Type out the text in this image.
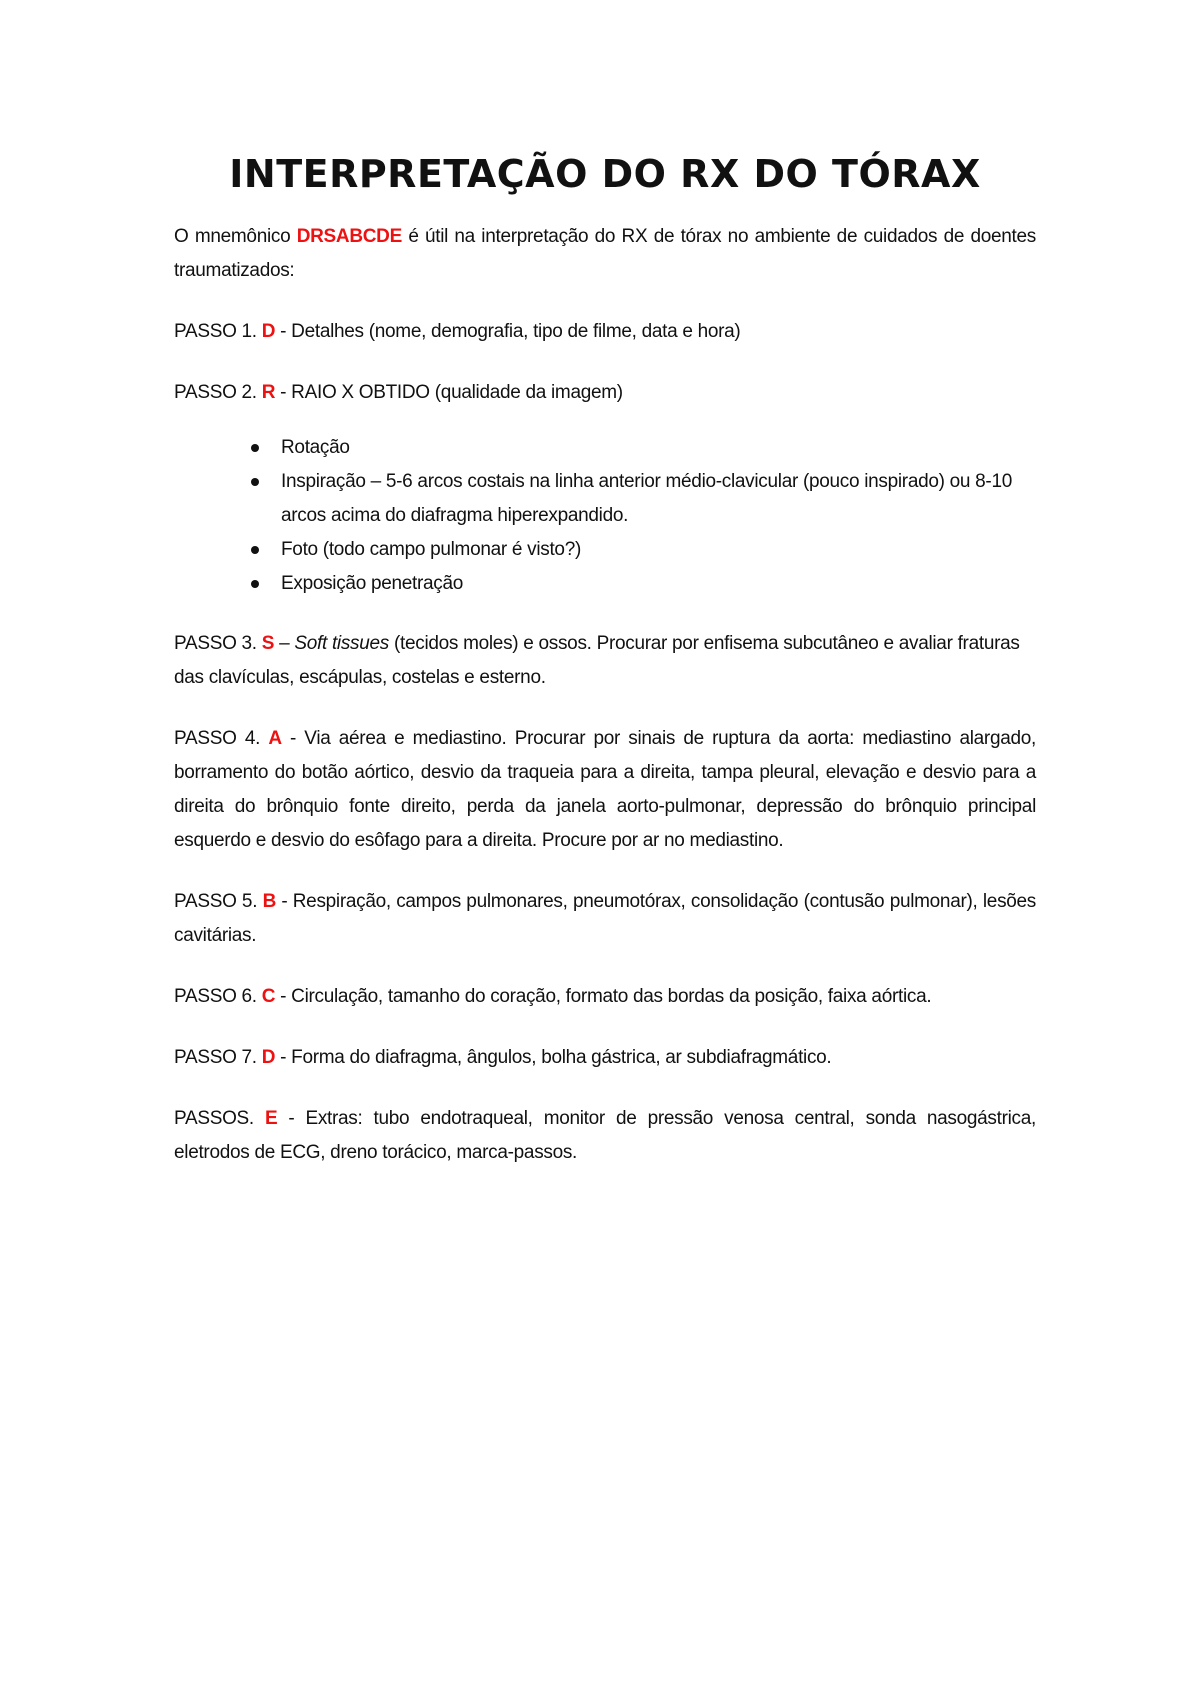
INTERPRETAÇÃO DO RX DO TÓRAX

O mnemônico DRSABCDE é útil na interpretação do RX de tórax no ambiente de cuidados de doentes traumatizados:

PASSO 1. D - Detalhes (nome, demografia, tipo de filme, data e hora)

PASSO 2. R - RAIO X OBTIDO (qualidade da imagem)

Rotação
Inspiração – 5-6 arcos costais na linha anterior médio-clavicular (pouco inspirado) ou 8-10 arcos acima do diafragma hiperexpandido.
Foto (todo campo pulmonar é visto?)
Exposição penetração

PASSO 3. S – Soft tissues (tecidos moles) e ossos. Procurar por enfisema subcutâneo e avaliar fraturas das clavículas, escápulas, costelas e esterno.

PASSO 4. A - Via aérea e mediastino. Procurar por sinais de ruptura da aorta: mediastino alargado, borramento do botão aórtico, desvio da traqueia para a direita, tampa pleural, elevação e desvio para a direita do brônquio fonte direito, perda da janela aorto-pulmonar, depressão do brônquio principal esquerdo e desvio do esôfago para a direita. Procure por ar no mediastino.

PASSO 5. B - Respiração, campos pulmonares, pneumotórax, consolidação (contusão pulmonar), lesões cavitárias.

PASSO 6. C - Circulação, tamanho do coração, formato das bordas da posição, faixa aórtica.

PASSO 7. D - Forma do diafragma, ângulos, bolha gástrica, ar subdiafragmático.

PASSOS. E - Extras: tubo endotraqueal, monitor de pressão venosa central, sonda nasogástrica, eletrodos de ECG, dreno torácico, marca-passos.
